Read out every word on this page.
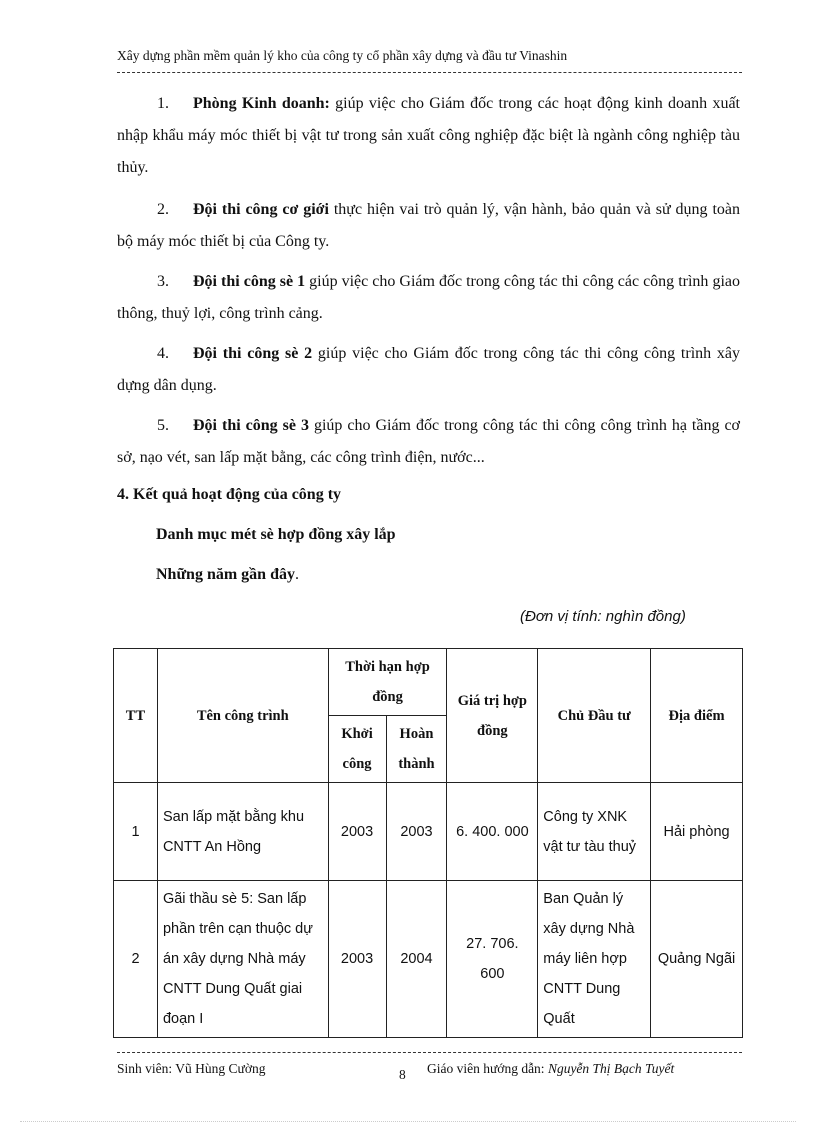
Xây dựng phần mềm quản lý kho của công ty cổ phần xây dựng và đầu tư Vinashin
1. Phòng Kinh doanh: giúp việc cho Giám đốc trong các hoạt động kinh doanh xuất nhập khẩu máy móc thiết bị vật tư trong sản xuất công nghiệp đặc biệt là ngành công nghiệp tàu thủy.
2. Đội thi công cơ giới thực hiện vai trò quản lý, vận hành, bảo quản và sử dụng toàn bộ máy móc thiết bị của Công ty.
3. Đội thi công sè 1 giúp việc cho Giám đốc trong công tác thi công các công trình giao thông, thuỷ lợi, công trình cảng.
4. Đội thi công sè 2 giúp việc cho Giám đốc trong công tác thi công công trình xây dựng dân dụng.
5. Đội thi công sè 3 giúp cho Giám đốc trong công tác thi công công trình hạ tầng cơ sở, nạo vét, san lấp mặt bằng, các công trình điện, nước...
4. Kết quả hoạt động của công ty
Danh mục mét sè hợp đồng xây lắp
Những năm gần đây.
(Đơn vị tính: nghìn đồng)
TT	Tên công trình	Thời hạn hợp đồng		Giá trị hợp đồng	Chủ Đầu tư	Địa điểm
		Khởi công	Hoàn thành			
1	San lấp mặt bằng khu CNTT An Hồng	2003	2003	6. 400. 000	Công ty XNK vật tư tàu thuỷ	Hải phòng
2	Gãi thầu sè 5: San lấp phần trên cạn thuộc dự án xây dựng Nhà máy CNTT Dung Quất giai đoạn I	2003	2004	27. 706. 600	Ban Quản lý xây dựng Nhà máy liên hợp CNTT Dung Quất	Quảng Ngãi
Sinh viên: Vũ Hùng Cường	8 Giáo viên hướng dẫn: Nguyễn Thị Bạch Tuyết
